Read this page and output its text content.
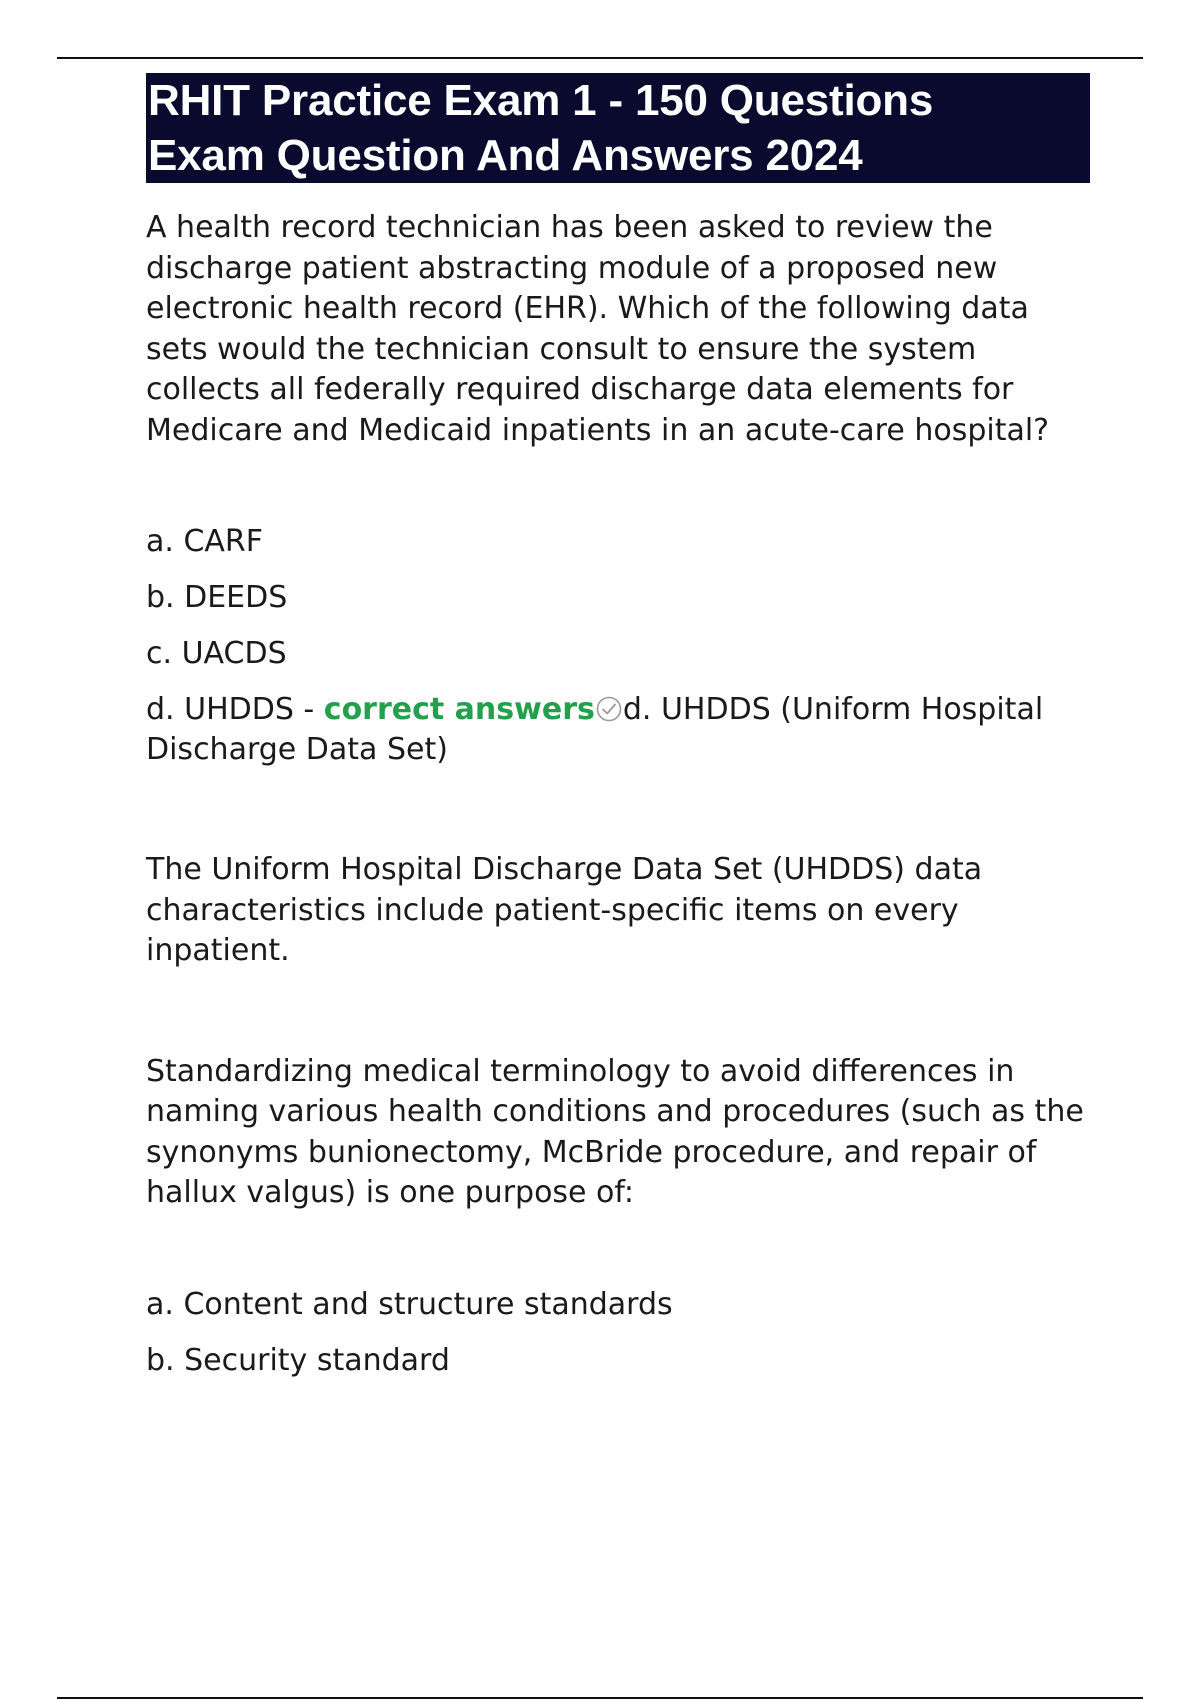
RHIT Practice Exam 1 - 150 Questions
Exam Question And Answers 2024

A health record technician has been asked to review the discharge patient abstracting module of a proposed new electronic health record (EHR). Which of the following data sets would the technician consult to ensure the system collects all federally required discharge data elements for Medicare and Medicaid inpatients in an acute-care hospital?

a. CARF

b. DEEDS

c. UACDS

d. UHDDS - correct answers d. UHDDS (Uniform Hospital Discharge Data Set)

The Uniform Hospital Discharge Data Set (UHDDS) data characteristics include patient-specific items on every inpatient.

Standardizing medical terminology to avoid differences in naming various health conditions and procedures (such as the synonyms bunionectomy, McBride procedure, and repair of hallux valgus) is one purpose of:

a. Content and structure standards

b. Security standard
